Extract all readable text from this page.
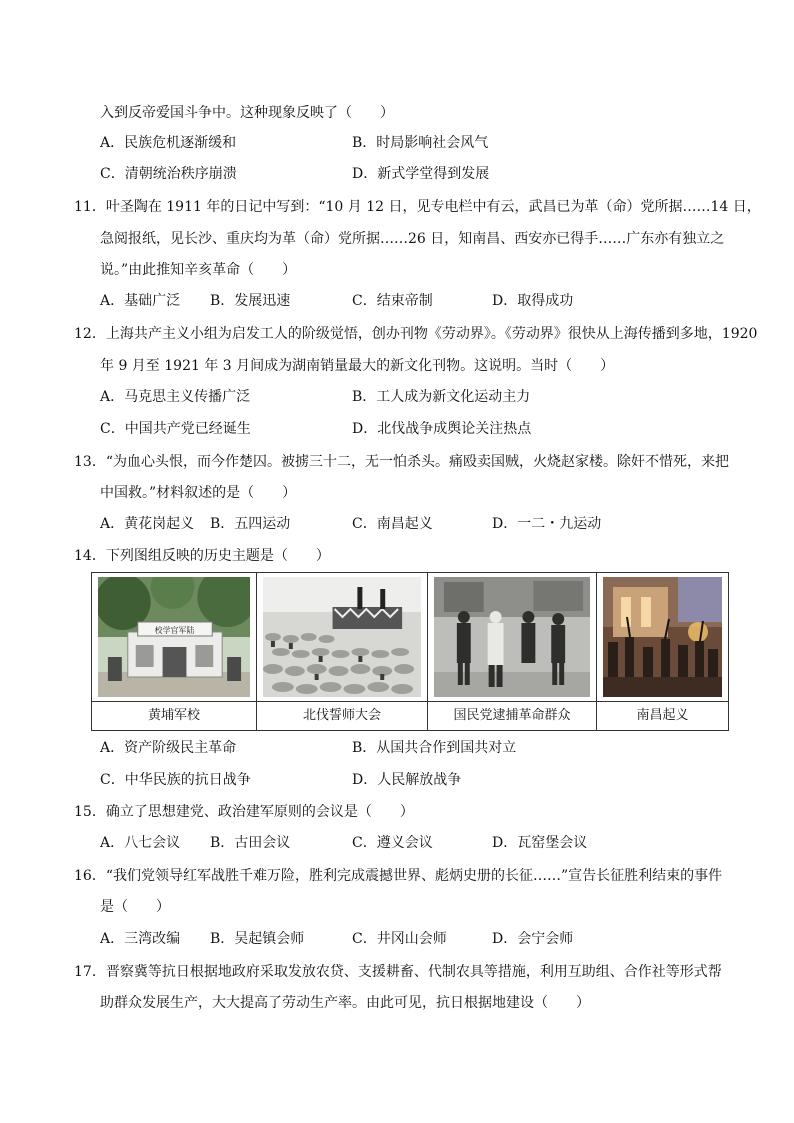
入到反帝爱国斗争中。这种现象反映了（　　）
A．民族危机逐渐缓和	B．时局影响社会风气
C．清朝统治秩序崩溃	D．新式学堂得到发展
11．叶圣陶在 1911 年的日记中写到：“10 月 12 日，见专电栏中有云，武昌已为革（命）党所据……14 日，
急阅报纸，见长沙、重庆均为革（命）党所据……26 日，知南昌、西安亦已得手……广东亦有独立之
说。”由此推知辛亥革命（　　）
A．基础广泛 B．发展迅速	C．结束帝制	D．取得成功
12．上海共产主义小组为启发工人的阶级觉悟，创办刊物《劳动界》。《劳动界》很快从上海传播到多地，1920
年 9 月至 1921 年 3 月间成为湖南销量最大的新文化刊物。这说明。当时（　　）
A．马克思主义传播广泛	B．工人成为新文化运动主力
C．中国共产党已经诞生	D．北伐战争成舆论关注热点
13．“为血心头恨，而今作楚囚。被掳三十二，无一怕杀头。痛殴卖国贼，火烧赵家楼。除奸不惜死，来把
中国救。”材料叙述的是（　　）
A．黄花岗起义 B．五四运动	C．南昌起义	D．一二・九运动
14．下列图组反映的历史主题是（　　）
校学官军陆
黄埔军校	北伐誓师大会	国民党逮捕革命群众	南昌起义
A．资产阶级民主革命	B．从国共合作到国共对立
C．中华民族的抗日战争	D．人民解放战争
15．确立了思想建党、政治建军原则的会议是（　　）
A．八七会议 B．古田会议	C．遵义会议	D．瓦窑堡会议
16．“我们党领导红军战胜千难万险，胜利完成震撼世界、彪炳史册的长征……”宣告长征胜利结束的事件
是（　　）
A．三湾改编 B．吴起镇会师	C．井冈山会师	D．会宁会师
17．晋察冀等抗日根据地政府采取发放农贷、支援耕畜、代制农具等措施，利用互助组、合作社等形式帮
助群众发展生产，大大提高了劳动生产率。由此可见，抗日根据地建设（　　）
